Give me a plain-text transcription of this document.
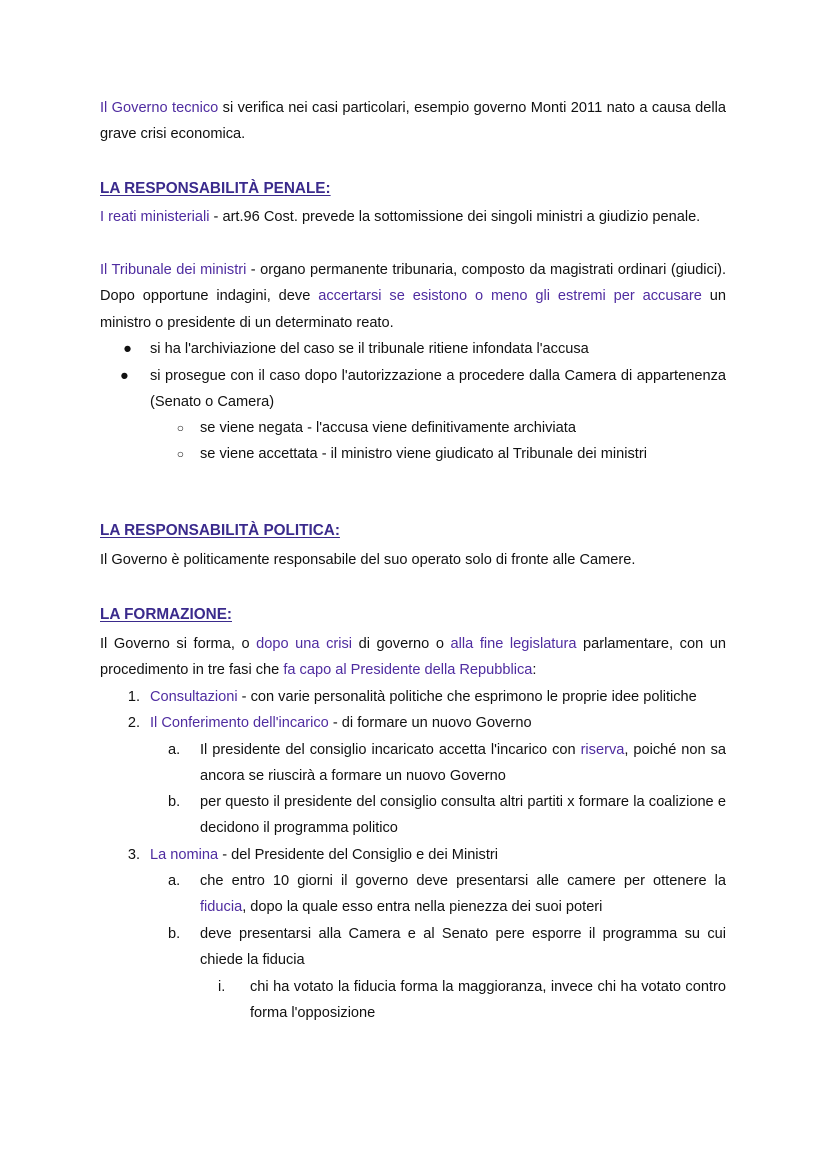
Il Governo tecnico si verifica nei casi particolari, esempio governo Monti 2011 nato a causa della grave crisi economica.

LA RESPONSABILITÀ PENALE:

I reati ministeriali - art.96 Cost. prevede la sottomissione dei singoli ministri a giudizio penale.

Il Tribunale dei ministri - organo permanente tribunaria, composto da magistrati ordinari (giudici). Dopo opportune indagini, deve accertarsi se esistono o meno gli estremi per accusare un ministro o presidente di un determinato reato.

● si ha l'archiviazione del caso se il tribunale ritiene infondata l'accusa
● si prosegue con il caso dopo l'autorizzazione a procedere dalla Camera di appartenenza (Senato o Camera)
○ se viene negata - l'accusa viene definitivamente archiviata
○ se viene accettata - il ministro viene giudicato al Tribunale dei ministri
LA RESPONSABILITÀ POLITICA:

Il Governo è politicamente responsabile del suo operato solo di fronte alle Camere.

LA FORMAZIONE:

Il Governo si forma, o dopo una crisi di governo o alla fine legislatura parlamentare, con un procedimento in tre fasi che fa capo al Presidente della Repubblica:

1. Consultazioni - con varie personalità politiche che esprimono le proprie idee politiche
2. Il Conferimento dell'incarico - di formare un nuovo Governo
a.	Il presidente del consiglio incaricato accetta l'incarico con riserva, poiché non sa ancora se riuscirà a formare un nuovo Governo
b.	per questo il presidente del consiglio consulta altri partiti x formare la coalizione e decidono il programma politico
3. La nomina - del Presidente del Consiglio e dei Ministri
a.	che entro 10 giorni il governo deve presentarsi alle camere per ottenere la fiducia, dopo la quale esso entra nella pienezza dei suoi poteri
b.	deve presentarsi alla Camera e al Senato pere esporre il programma su cui chiede la fiducia
i.	chi ha votato la fiducia forma la maggioranza, invece chi ha votato contro forma l'opposizione
